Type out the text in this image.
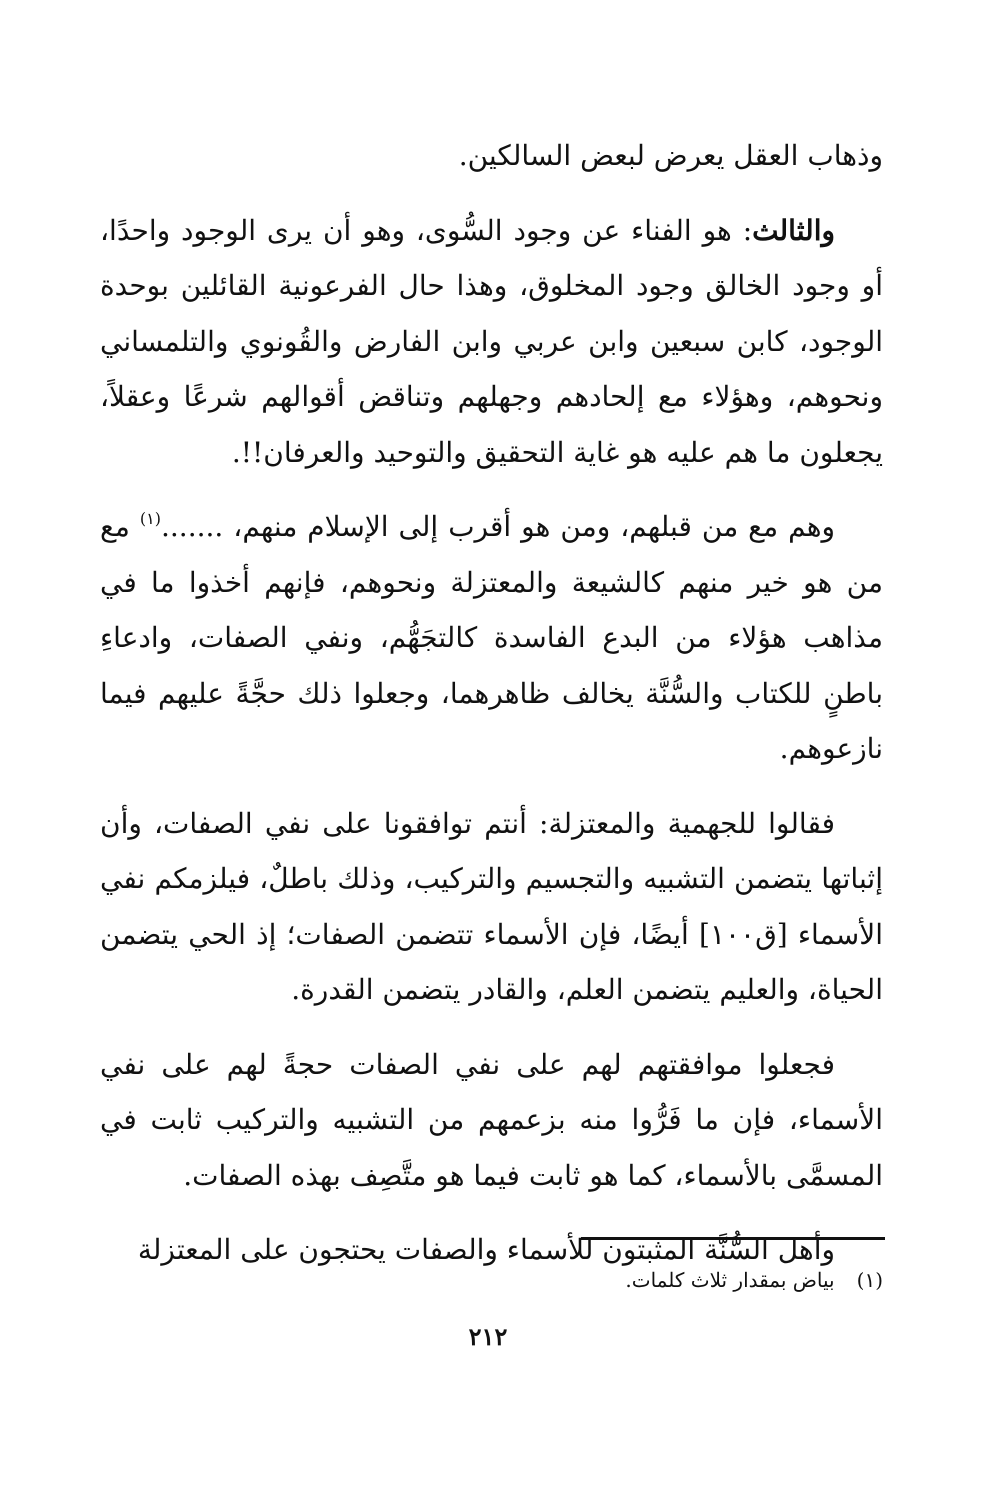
وذهاب العقل يعرض لبعض السالكين.

والثالث: هو الفناء عن وجود السُّوى، وهو أن يرى الوجود واحدًا، أو وجود الخالق وجود المخلوق، وهذا حال الفرعونية القائلين بوحدة الوجود، كابن سبعين وابن عربي وابن الفارض والقُونوي والتلمساني ونحوهم، وهؤلاء مع إلحادهم وجهلهم وتناقض أقوالهم شرعًا وعقلاً، يجعلون ما هم عليه هو غاية التحقيق والتوحيد والعرفان!!.

وهم مع من قبلهم، ومن هو أقرب إلى الإسلام منهم، .......$^{(١)}$ مع من هو خير منهم كالشيعة والمعتزلة ونحوهم، فإنهم أخذوا ما في مذاهب هؤلاء من البدع الفاسدة كالتجَهُّم، ونفي الصفات، وادعاءِ باطنٍ للكتاب والسُّنَّة يخالف ظاهرهما، وجعلوا ذلك حجَّةً عليهم فيما نازعوهم.

فقالوا للجهمية والمعتزلة: أنتم توافقونا على نفي الصفات، وأن إثباتها يتضمن التشبيه والتجسيم والتركيب، وذلك باطلٌ، فيلزمكم نفي الأسماء [ق١٠٠] أيضًا، فإن الأسماء تتضمن الصفات؛ إذ الحي يتضمن الحياة، والعليم يتضمن العلم، والقادر يتضمن القدرة.

فجعلوا موافقتهم لهم على نفي الصفات حجةً لهم على نفي الأسماء، فإن ما فَرُّوا منه بزعمهم من التشبيه والتركيب ثابت في المسمَّى بالأسماء، كما هو ثابت فيما هو متَّصِف بهذه الصفات.

وأهل السُّنَّة المثبتون للأسماء والصفات يحتجون على المعتزلة

(١)بياض بمقدار ثلاث كلمات.
٢١٢
